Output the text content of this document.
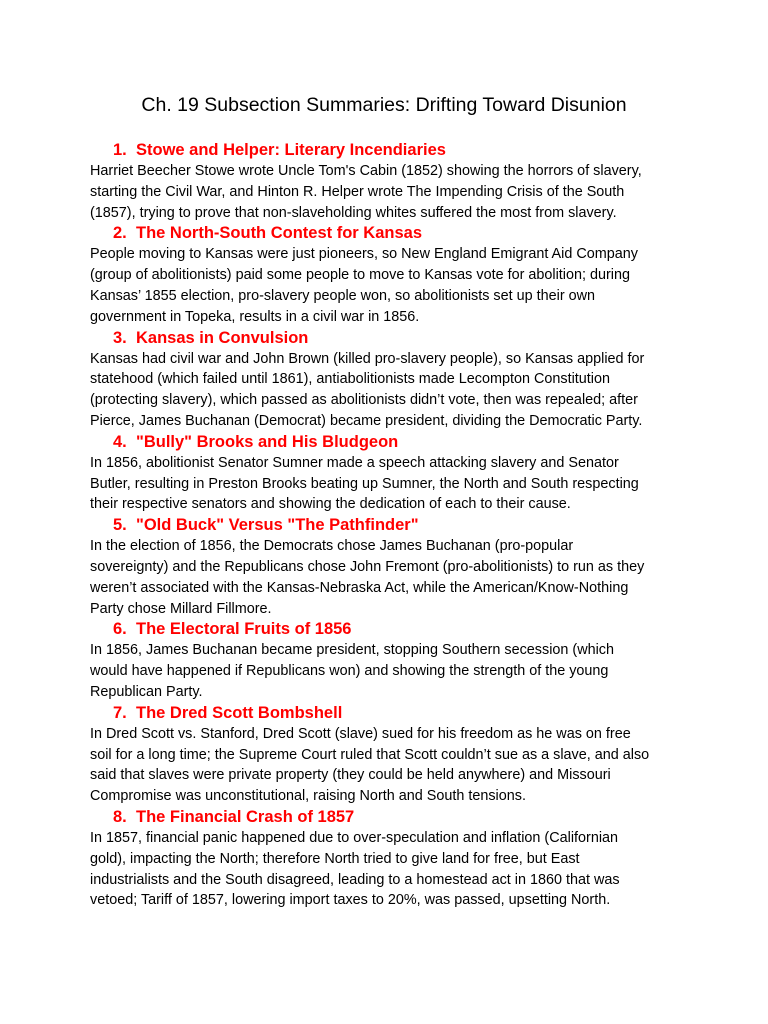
Ch. 19 Subsection Summaries: Drifting Toward Disunion
1. Stowe and Helper: Literary Incendiaries

Harriet Beecher Stowe wrote Uncle Tom's Cabin (1852) showing the horrors of slavery,
starting the Civil War, and Hinton R. Helper wrote The Impending Crisis of the South
(1857), trying to prove that non-slaveholding whites suffered the most from slavery.

2. The North-South Contest for Kansas

People moving to Kansas were just pioneers, so New England Emigrant Aid Company
(group of abolitionists) paid some people to move to Kansas vote for abolition; during
Kansas’ 1855 election, pro-slavery people won, so abolitionists set up their own
government in Topeka, results in a civil war in 1856.

3. Kansas in Convulsion

Kansas had civil war and John Brown (killed pro-slavery people), so Kansas applied for
statehood (which failed until 1861), antiabolitionists made Lecompton Constitution
(protecting slavery), which passed as abolitionists didn’t vote, then was repealed; after
Pierce, James Buchanan (Democrat) became president, dividing the Democratic Party.

4. "Bully" Brooks and His Bludgeon

In 1856, abolitionist Senator Sumner made a speech attacking slavery and Senator
Butler, resulting in Preston Brooks beating up Sumner, the North and South respecting
their respective senators and showing the dedication of each to their cause.

5. "Old Buck" Versus "The Pathfinder"

In the election of 1856, the Democrats chose James Buchanan (pro-popular
sovereignty) and the Republicans chose John Fremont (pro-abolitionists) to run as they
weren’t associated with the Kansas-Nebraska Act, while the American/Know-Nothing
Party chose Millard Fillmore.

6. The Electoral Fruits of 1856

In 1856, James Buchanan became president, stopping Southern secession (which
would have happened if Republicans won) and showing the strength of the young
Republican Party.

7. The Dred Scott Bombshell

In Dred Scott vs. Stanford, Dred Scott (slave) sued for his freedom as he was on free
soil for a long time; the Supreme Court ruled that Scott couldn’t sue as a slave, and also
said that slaves were private property (they could be held anywhere) and Missouri
Compromise was unconstitutional, raising North and South tensions.

8. The Financial Crash of 1857

In 1857, financial panic happened due to over-speculation and inflation (Californian
gold), impacting the North; therefore North tried to give land for free, but East
industrialists and the South disagreed, leading to a homestead act in 1860 that was
vetoed; Tariff of 1857, lowering import taxes to 20%, was passed, upsetting North.
